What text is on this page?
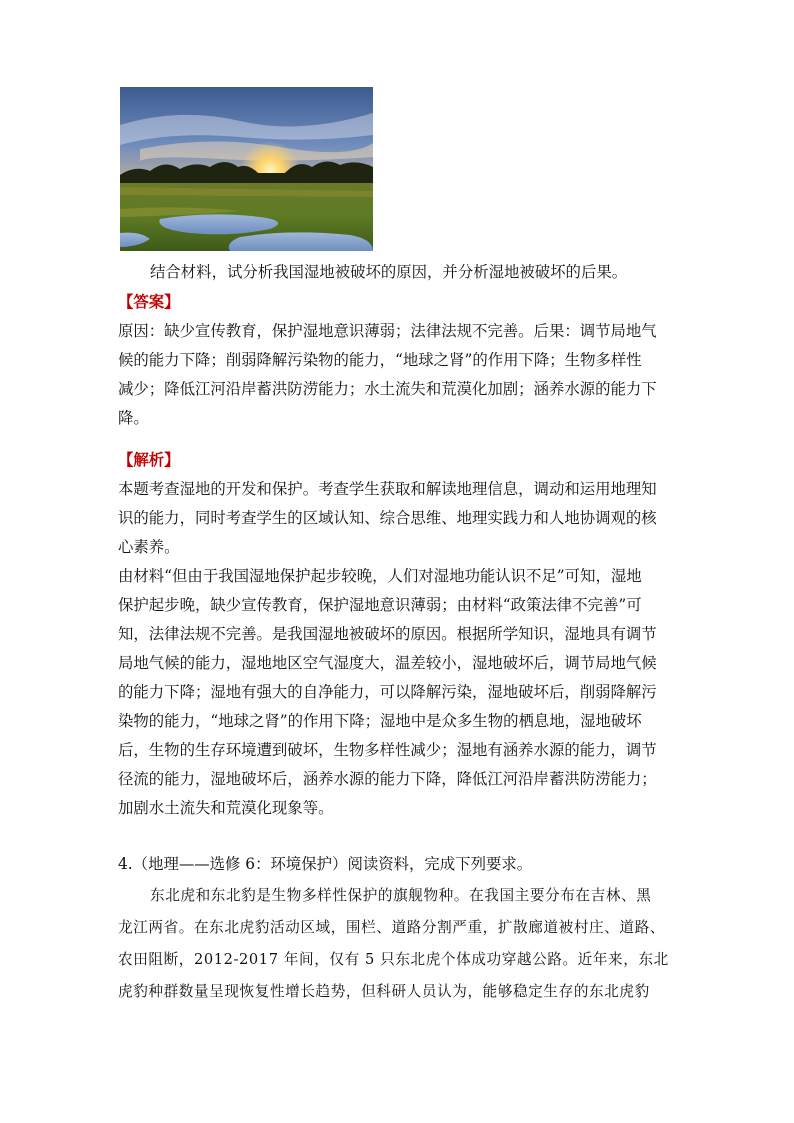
结合材料，试分析我国湿地被破坏的原因，并分析湿地被破坏的后果。
【答案】
原因：缺少宣传教育，保护湿地意识薄弱；法律法规不完善。后果：调节局地气
候的能力下降；削弱降解污染物的能力，“地球之肾”的作用下降；生物多样性
减少；降低江河沿岸蓄洪防涝能力；水土流失和荒漠化加剧；涵养水源的能力下
降。
【解析】
本题考查湿地的开发和保护。考查学生获取和解读地理信息，调动和运用地理知
识的能力，同时考查学生的区域认知、综合思维、地理实践力和人地协调观的核
心素养。
由材料“但由于我国湿地保护起步较晚，人们对湿地功能认识不足”可知，湿地
保护起步晚，缺少宣传教育，保护湿地意识薄弱；由材料“政策法律不完善”可
知，法律法规不完善。是我国湿地被破坏的原因。根据所学知识，湿地具有调节
局地气候的能力，湿地地区空气湿度大，温差较小，湿地破坏后，调节局地气候
的能力下降；湿地有强大的自净能力，可以降解污染，湿地破坏后，削弱降解污
染物的能力，“地球之肾”的作用下降；湿地中是众多生物的栖息地，湿地破坏
后，生物的生存环境遭到破坏，生物多样性减少；湿地有涵养水源的能力，调节
径流的能力，湿地破坏后，涵养水源的能力下降，降低江河沿岸蓄洪防涝能力；
加剧水土流失和荒漠化现象等。
4.（地理——选修 6：环境保护）阅读资料，完成下列要求。
东北虎和东北豹是生物多样性保护的旗舰物种。在我国主要分布在吉林、黑
龙江两省。在东北虎豹活动区域，围栏、道路分割严重，扩散廊道被村庄、道路、
农田阻断，2012-2017 年间，仅有 5 只东北虎个体成功穿越公路。近年来，东北
虎豹种群数量呈现恢复性增长趋势，但科研人员认为，能够稳定生存的东北虎豹
